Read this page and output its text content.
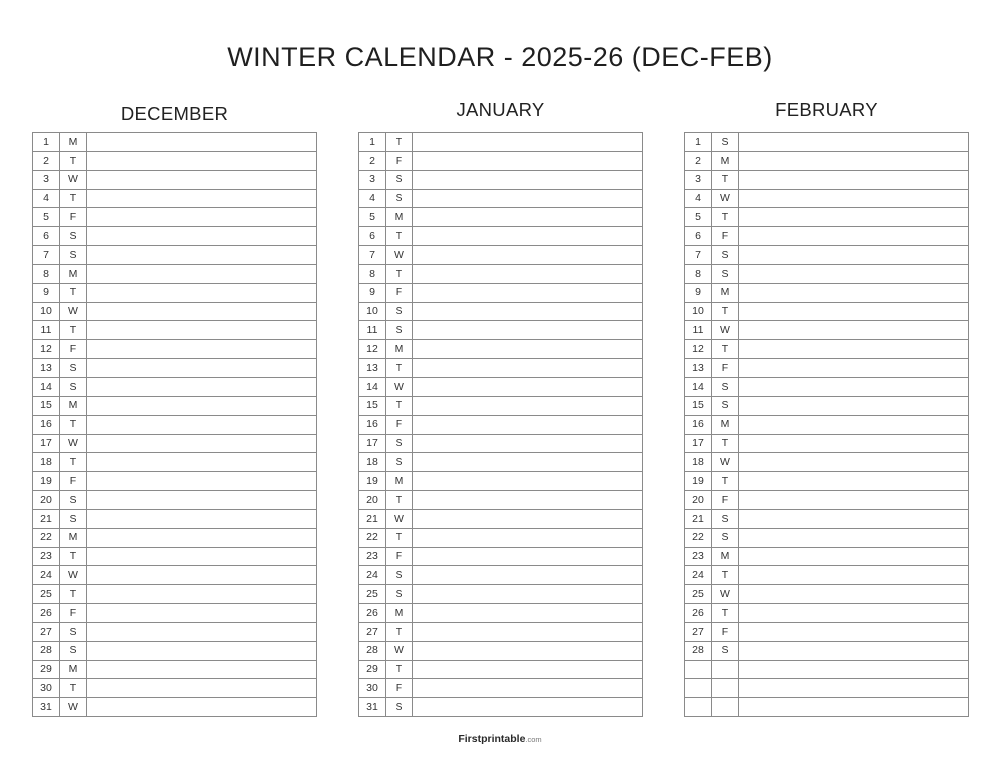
WINTER CALENDAR - 2025-26 (DEC-FEB)
DECEMBER
1	M	
2	T	
3	W	
4	T	
5	F	
6	S	
7	S	
8	M	
9	T	
10	W	
11	T	
12	F	
13	S	
14	S	
15	M	
16	T	
17	W	
18	T	
19	F	
20	S	
21	S	
22	M	
23	T	
24	W	
25	T	
26	F	
27	S	
28	S	
29	M	
30	T	
31	W	
JANUARY
1	T	
2	F	
3	S	
4	S	
5	M	
6	T	
7	W	
8	T	
9	F	
10	S	
11	S	
12	M	
13	T	
14	W	
15	T	
16	F	
17	S	
18	S	
19	M	
20	T	
21	W	
22	T	
23	F	
24	S	
25	S	
26	M	
27	T	
28	W	
29	T	
30	F	
31	S	
FEBRUARY
1	S	
2	M	
3	T	
4	W	
5	T	
6	F	
7	S	
8	S	
9	M	
10	T	
11	W	
12	T	
13	F	
14	S	
15	S	
16	M	
17	T	
18	W	
19	T	
20	F	
21	S	
22	S	
23	M	
24	T	
25	W	
26	T	
27	F	
28	S	

Firstprintable.com
